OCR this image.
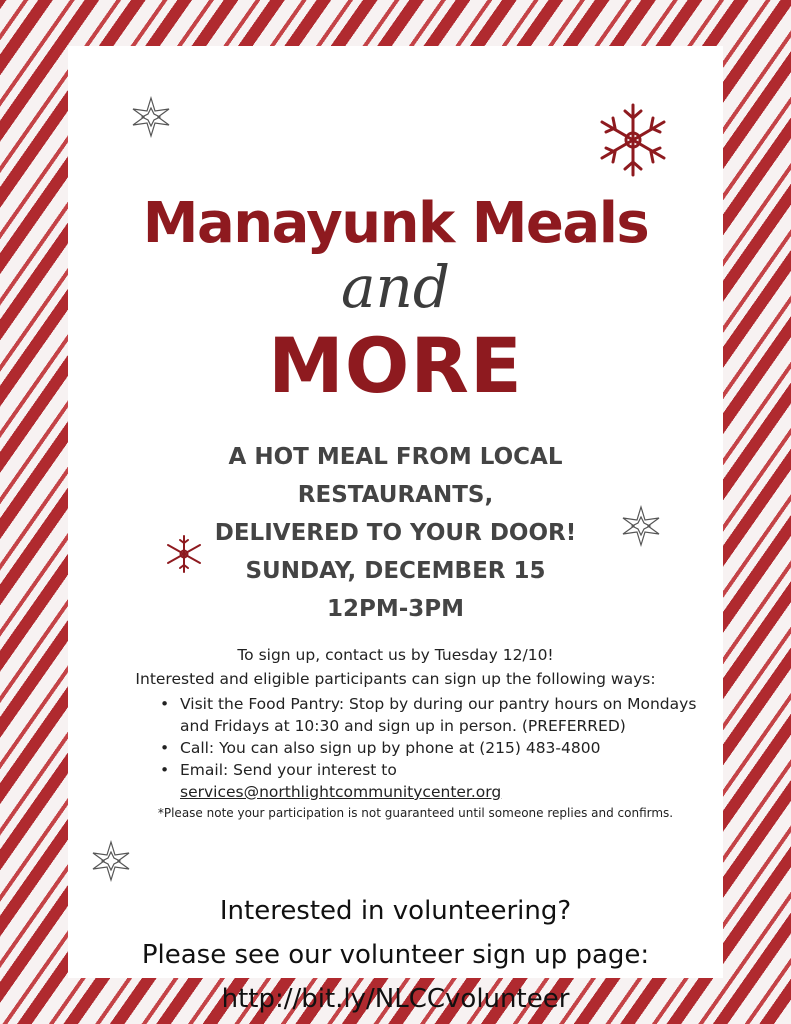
Manayunk Meals
and
MORE
A HOT MEAL FROM LOCAL
RESTAURANTS,
DELIVERED TO YOUR DOOR!
SUNDAY, DECEMBER 15
12PM-3PM
To sign up, contact us by Tuesday 12/10!
Interested and eligible participants can sign up the following ways:
• Visit the Food Pantry: Stop by during our pantry hours on Mondays
and Fridays at 10:30 and sign up in person. (PREFERRED)
• Call: You can also sign up by phone at (215) 483-4800
• Email: Send your interest to
services@northlightcommunitycenter.org
*Please note your participation is not guaranteed until someone replies and confirms.
Interested in volunteering?
Please see our volunteer sign up page:
http://bit.ly/NLCCvolunteer
